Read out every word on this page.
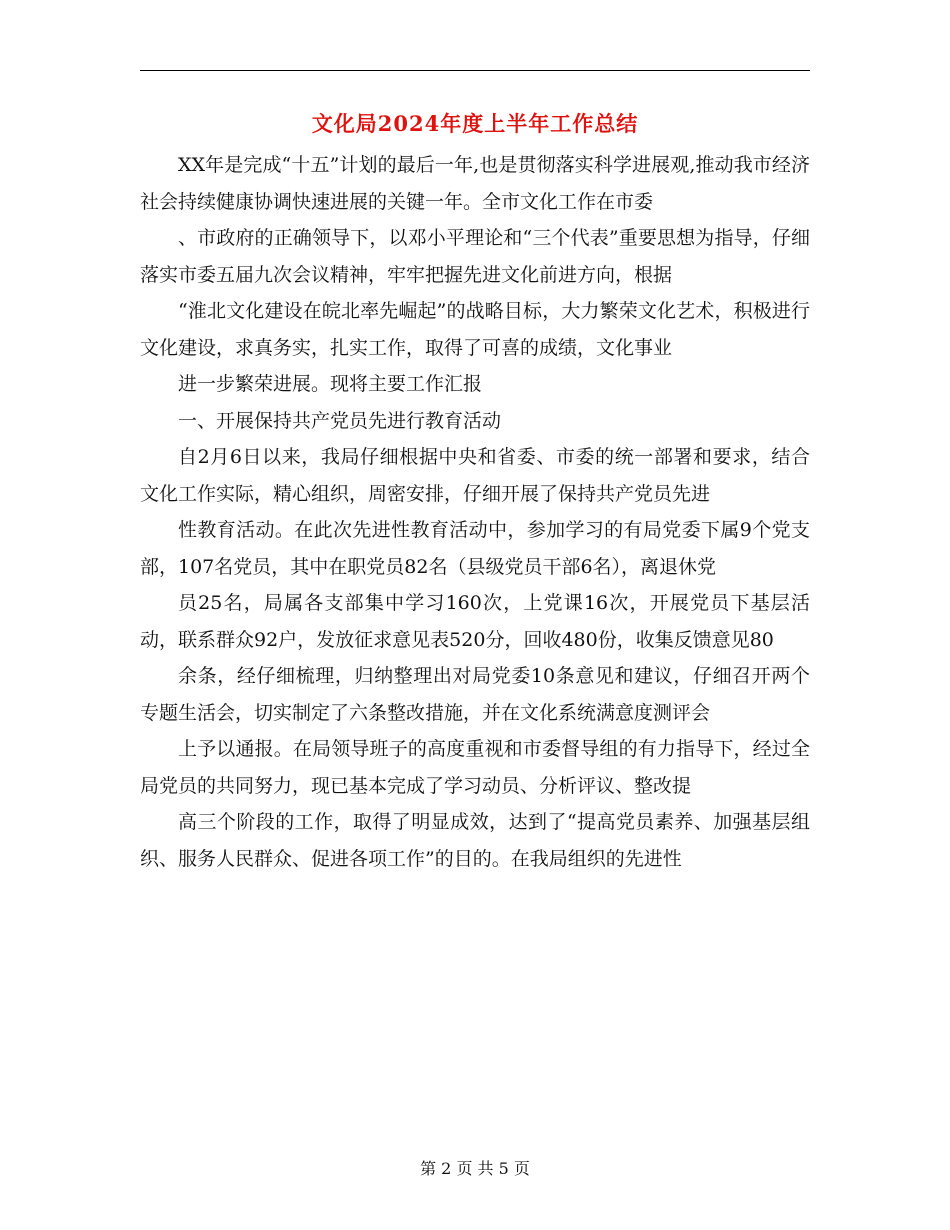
文化局2024年度上半年工作总结

XX年是完成“十五”计划的最后一年,也是贯彻落实科学进展观,推动我市经济社会持续健康协调快速进展的关键一年。全市文化工作在市委

、市政府的正确领导下，以邓小平理论和“三个代表”重要思想为指导，仔细落实市委五届九次会议精神，牢牢把握先进文化前进方向，根据

“淮北文化建设在皖北率先崛起”的战略目标，大力繁荣文化艺术，积极进行文化建设，求真务实，扎实工作，取得了可喜的成绩，文化事业

进一步繁荣进展。现将主要工作汇报

一、开展保持共产党员先进行教育活动

自2月6日以来，我局仔细根据中央和省委、市委的统一部署和要求，结合文化工作实际，精心组织，周密安排，仔细开展了保持共产党员先进

性教育活动。在此次先进性教育活动中，参加学习的有局党委下属9个党支部，107名党员，其中在职党员82名（县级党员干部6名），离退休党

员25名，局属各支部集中学习160次，上党课16次，开展党员下基层活动，联系群众92户，发放征求意见表520分，回收480份，收集反馈意见80

余条，经仔细梳理，归纳整理出对局党委10条意见和建议，仔细召开两个专题生活会，切实制定了六条整改措施，并在文化系统满意度测评会

上予以通报。在局领导班子的高度重视和市委督导组的有力指导下，经过全局党员的共同努力，现已基本完成了学习动员、分析评议、整改提

高三个阶段的工作，取得了明显成效，达到了“提高党员素养、加强基层组织、服务人民群众、促进各项工作”的目的。在我局组织的先进性

第 2 页 共 5 页
